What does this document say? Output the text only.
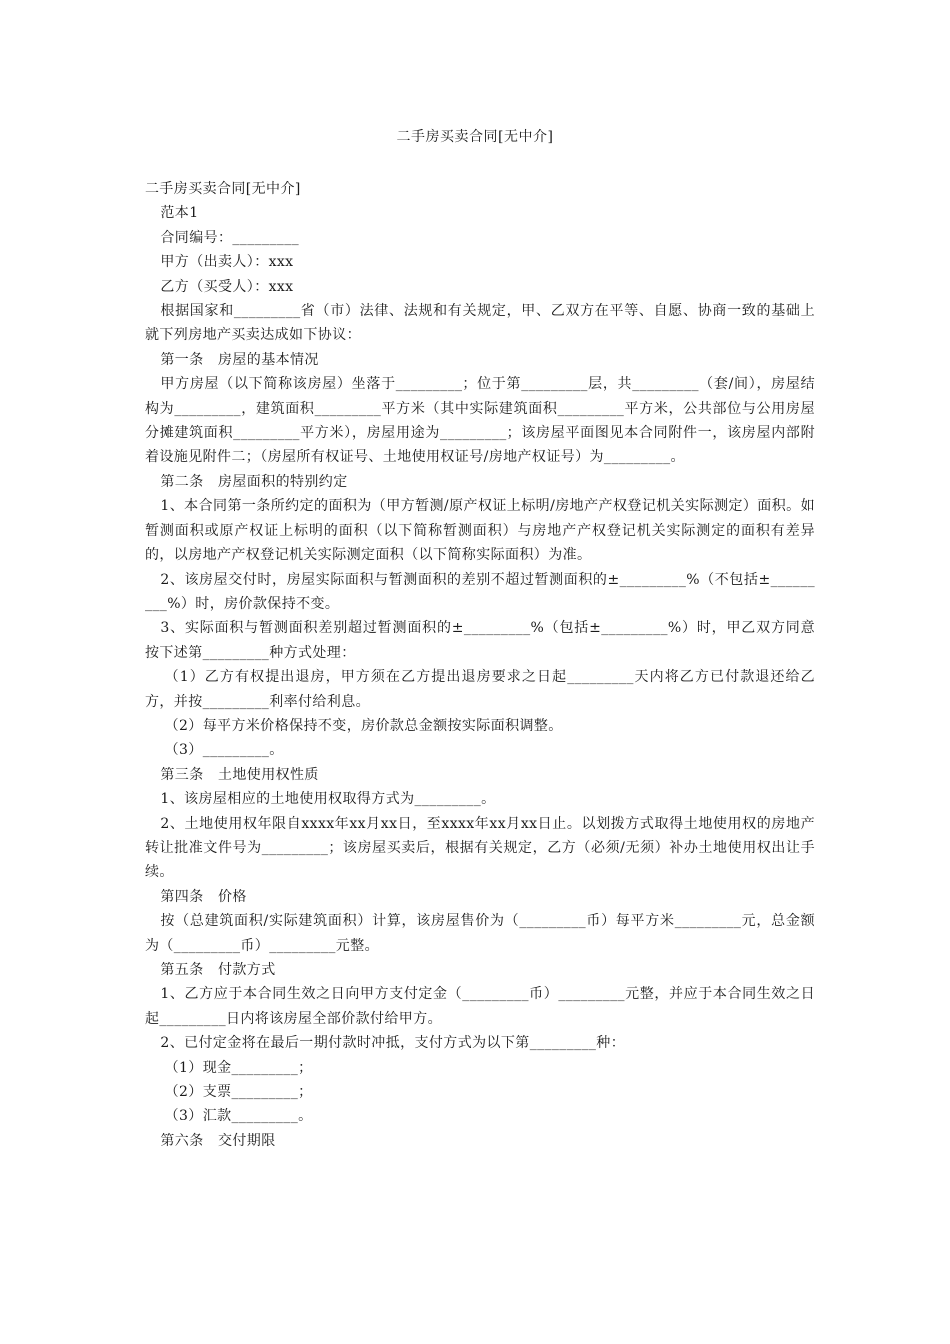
二手房买卖合同[无中介]

二手房买卖合同[无中介]

范本1

合同编号：_________

甲方（出卖人）：xxx

乙方（买受人）：xxx

根据国家和_________省（市）法律、法规和有关规定，甲、乙双方在平等、自愿、协商一致的基础上就下列房地产买卖达成如下协议：

第一条　房屋的基本情况

甲方房屋（以下简称该房屋）坐落于_________；位于第_________层，共_________（套/间），房屋结构为_________，建筑面积_________平方米（其中实际建筑面积_________平方米，公共部位与公用房屋分摊建筑面积_________平方米），房屋用途为_________；该房屋平面图见本合同附件一，该房屋内部附着设施见附件二；（房屋所有权证号、土地使用权证号/房地产权证号）为_________。

第二条　房屋面积的特别约定

1、本合同第一条所约定的面积为（甲方暂测/原产权证上标明/房地产产权登记机关实际测定）面积。如暂测面积或原产权证上标明的面积（以下简称暂测面积）与房地产产权登记机关实际测定的面积有差异的，以房地产产权登记机关实际测定面积（以下简称实际面积）为准。

2、该房屋交付时，房屋实际面积与暂测面积的差别不超过暂测面积的±_________%（不包括±_________%）时，房价款保持不变。

3、实际面积与暂测面积差别超过暂测面积的±_________%（包括±_________%）时，甲乙双方同意按下述第_________种方式处理：

（1）乙方有权提出退房，甲方须在乙方提出退房要求之日起_________天内将乙方已付款退还给乙方，并按_________利率付给利息。

（2）每平方米价格保持不变，房价款总金额按实际面积调整。

（3）_________。

第三条　土地使用权性质

1、该房屋相应的土地使用权取得方式为_________。

2、土地使用权年限自xxxx年xx月xx日，至xxxx年xx月xx日止。以划拨方式取得土地使用权的房地产转让批准文件号为_________；该房屋买卖后，根据有关规定，乙方（必须/无须）补办土地使用权出让手续。

第四条　价格

按（总建筑面积/实际建筑面积）计算，该房屋售价为（_________币）每平方米_________元，总金额为（_________币）_________元整。

第五条　付款方式

1、乙方应于本合同生效之日向甲方支付定金（_________币）_________元整，并应于本合同生效之日起_________日内将该房屋全部价款付给甲方。

2、已付定金将在最后一期付款时冲抵，支付方式为以下第_________种：

（1）现金_________；

（2）支票_________；

（3）汇款_________。

第六条　交付期限
